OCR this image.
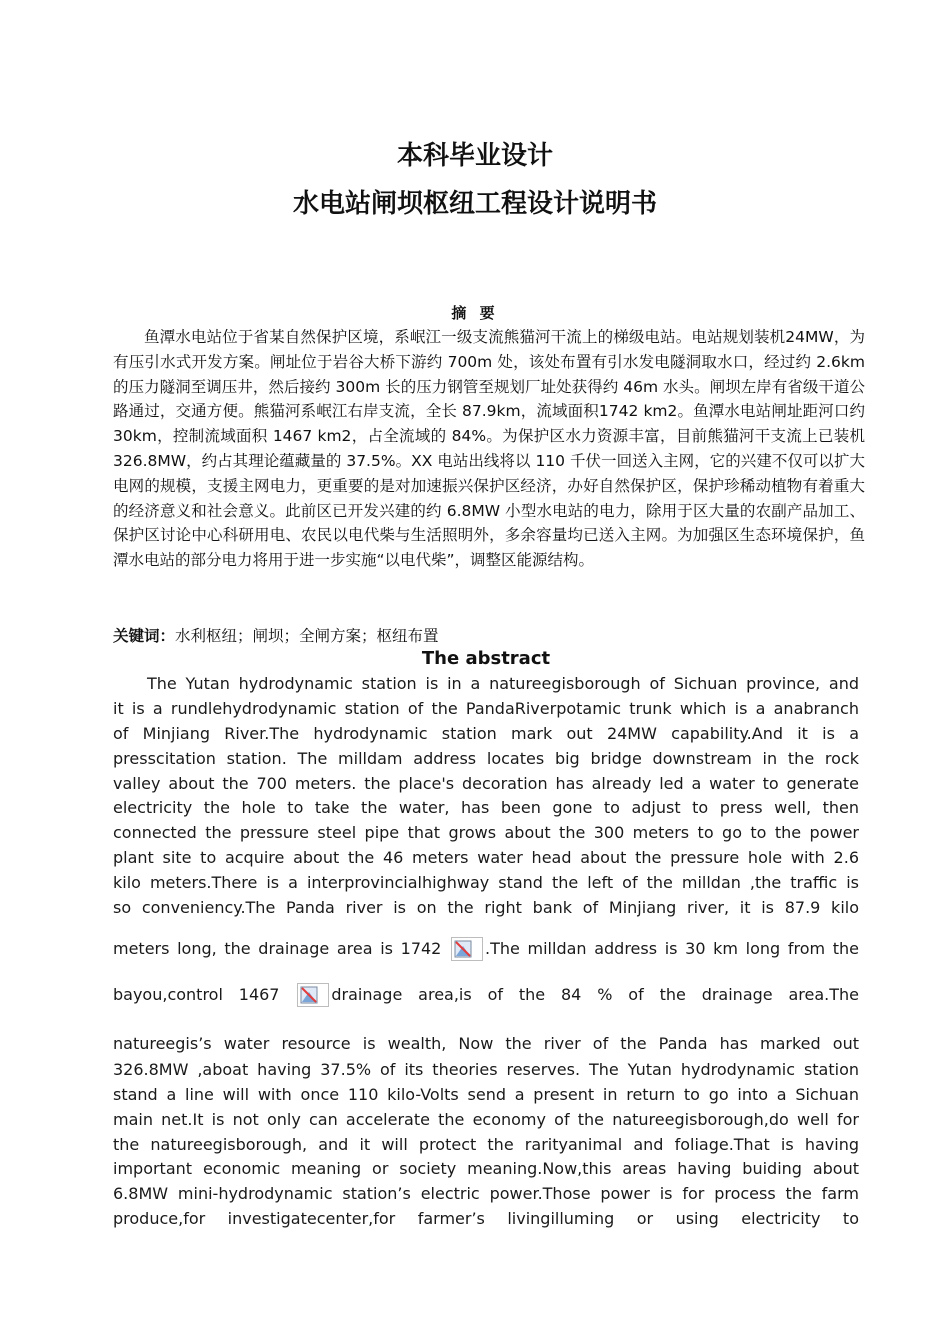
本科毕业设计
水电站闸坝枢纽工程设计说明书
摘 要

鱼潭水电站位于省某自然保护区境，系岷江一级支流熊猫河干流上的梯级电站。电站规划装机24MW，为有压引水式开发方案。闸址位于岩谷大桥下游约 700m 处，该处布置有引水发电隧洞取水口，经过约 2.6km 的压力隧洞至调压井，然后接约 300m 长的压力钢管至规划厂址处获得约 46m 水头。闸坝左岸有省级干道公路通过，交通方便。熊猫河系岷江右岸支流，全长 87.9km，流域面积1742 km2。鱼潭水电站闸址距河口约 30km，控制流域面积 1467 km2，占全流域的 84%。为保护区水力资源丰富，目前熊猫河干支流上已装机 326.8MW，约占其理论蕴藏量的 37.5%。XX 电站出线将以 110 千伏一回送入主网，它的兴建不仅可以扩大电网的规模，支援主网电力，更重要的是对加速振兴保护区经济，办好自然保护区，保护珍稀动植物有着重大的经济意义和社会意义。此前区已开发兴建的约 6.8MW 小型水电站的电力，除用于区大量的农副产品加工、保护区讨论中心科研用电、农民以电代柴与生活照明外，多余容量均已送入主网。为加强区生态环境保护，鱼潭水电站的部分电力将用于进一步实施“以电代柴”，调整区能源结构。

关键词：水利枢纽；闸坝；全闸方案；枢纽布置

The abstract
The Yutan hydrodynamic station is in a natureegisborough of Sichuan province, and
it is a rundlehydrodynamic station of the PandaRiverpotamic trunk which is a anabranch
of Minjiang River.The hydrodynamic station mark out 24MW capability.And it is a
presscitation station. The milldam address locates big bridge downstream in the rock
valley about the 700 meters. the place's decoration has already led a water to generate
electricity the hole to take the water, has been gone to adjust to press well, then
connected the pressure steel pipe that grows about the 300 meters to go to the power
plant site to acquire about the 46 meters water head about the pressure hole with 2.6
kilo meters.There is a interprovincialhighway stand the left of the milldan ,the traffic is
so conveniency.The Panda river is on the right bank of Minjiang river, it is 87.9 kilo
meters long, the drainage area is 1742	.The milldan address is 30 km long from the
bayou,control 1467	drainage area,is of the 84 % of the drainage area.The
natureegis’s water resource is wealth, Now the river of the Panda has marked out
326.8MW ,aboat having 37.5% of its theories reserves. The Yutan hydrodynamic station
stand a line will with once 110 kilo-Volts send a present in return to go into a Sichuan
main net.It is not only can accelerate the economy of the natureegisborough,do well for
the natureegisborough, and it will protect the rarityanimal and foliage.That is having
important economic meaning or society meaning.Now,this areas having buiding about
6.8MW mini-hydrodynamic station’s electric power.Those power is for process the farm
produce,for investigatecenter,for farmer’s livingilluming or using electricity to
